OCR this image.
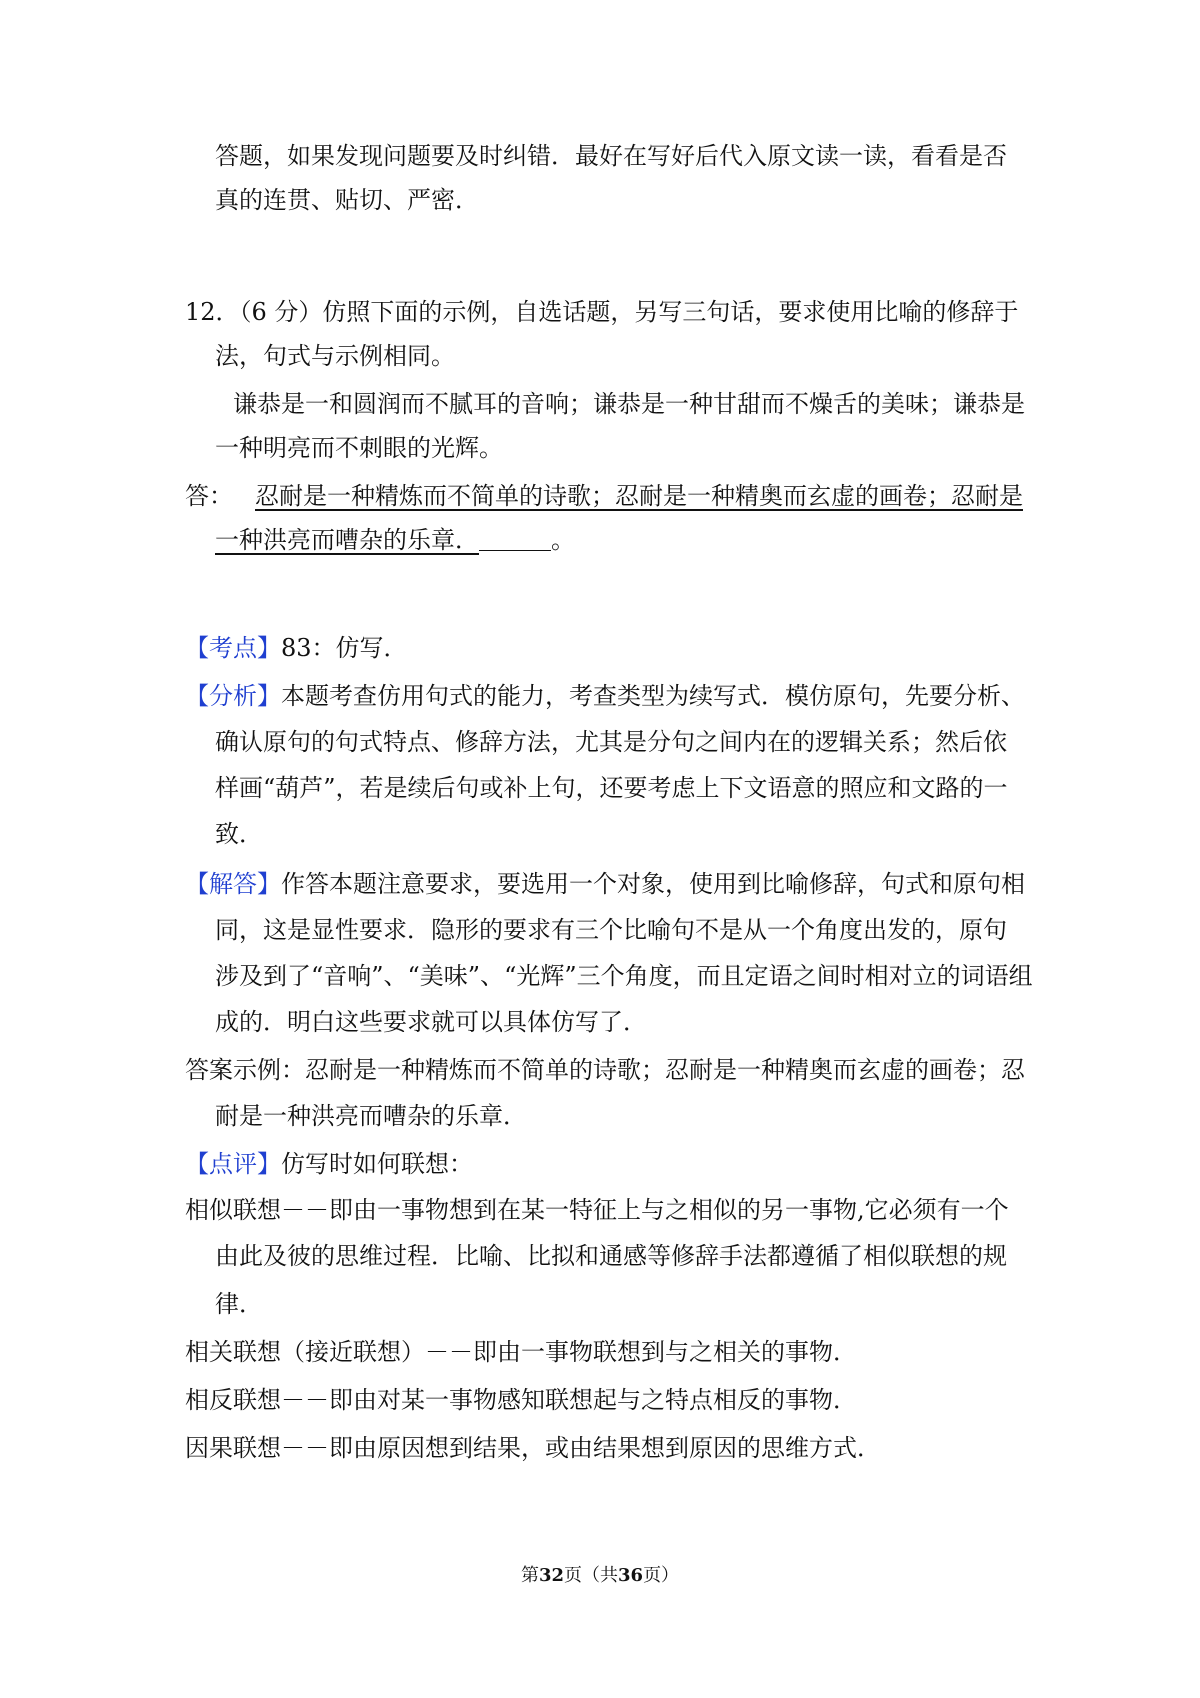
答题，如果发现问题要及时纠错．最好在写好后代入原文读一读，看看是否
真的连贯、贴切、严密．
12．（6 分）仿照下面的示例，自选话题，另写三句话，要求使用比喻的修辞于
法，句式与示例相同。
谦恭是一和圆润而不腻耳的音响；谦恭是一种甘甜而不燥舌的美味；谦恭是
一种明亮而不刺眼的光辉。
答： 忍耐是一种精炼而不简单的诗歌；忍耐是一种精奥而玄虚的画卷；忍耐是
一种洪亮而嘈杂的乐章．	。
【考点】83：仿写．
【分析】本题考查仿用句式的能力，考查类型为续写式．模仿原句，先要分析、
确认原句的句式特点、修辞方法，尤其是分句之间内在的逻辑关系；然后依
样画“葫芦”，若是续后句或补上句，还要考虑上下文语意的照应和文路的一
致．
【解答】作答本题注意要求，要选用一个对象，使用到比喻修辞，句式和原句相
同，这是显性要求．隐形的要求有三个比喻句不是从一个角度出发的，原句
涉及到了“音响”、“美味”、“光辉”三个角度，而且定语之间时相对立的词语组
成的．明白这些要求就可以具体仿写了．
答案示例：忍耐是一种精炼而不简单的诗歌；忍耐是一种精奥而玄虚的画卷；忍
耐是一种洪亮而嘈杂的乐章．
【点评】仿写时如何联想：
相似联想－－即由一事物想到在某一特征上与之相似的另一事物,它必须有一个
由此及彼的思维过程．比喻、比拟和通感等修辞手法都遵循了相似联想的规
律．
相关联想（接近联想）－－即由一事物联想到与之相关的事物．
相反联想－－即由对某一事物感知联想起与之特点相反的事物．
因果联想－－即由原因想到结果，或由结果想到原因的思维方式．
第32页（共36页）
